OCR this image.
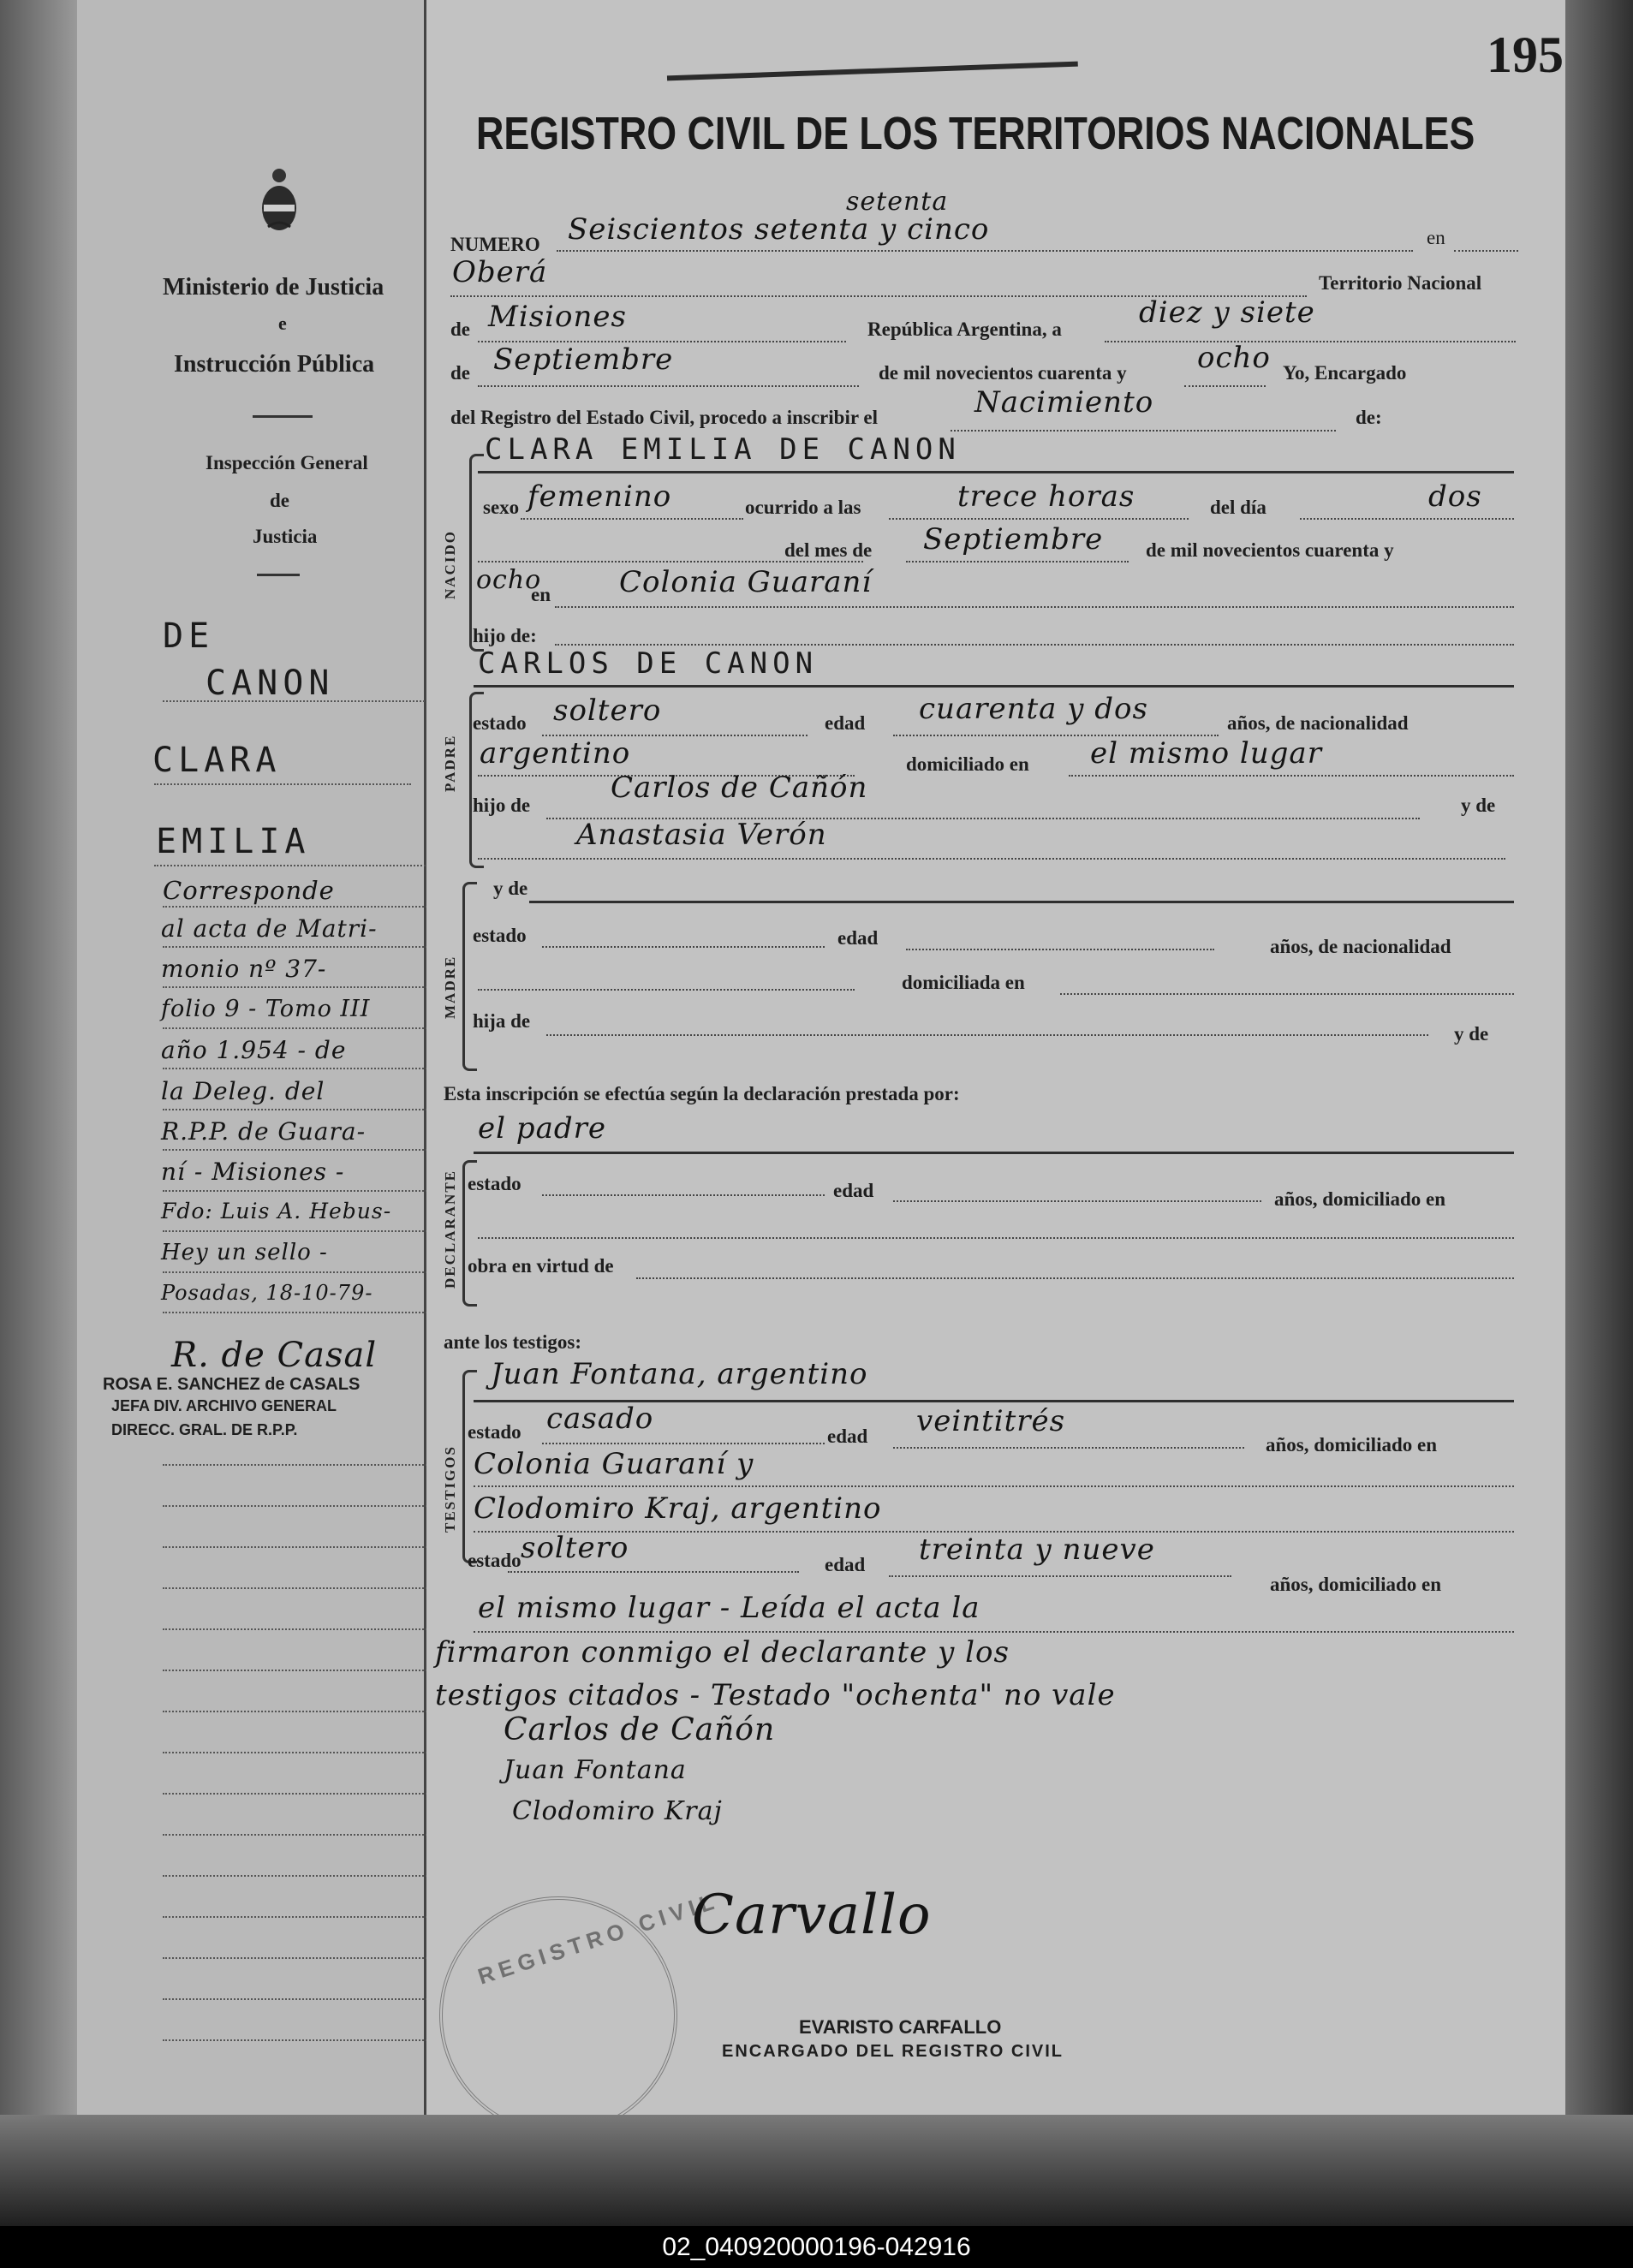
Ministerio de Justicia
e
Instrucción Pública
Inspección General
de
Justicia
DE
CANON
CLARA
EMILIA
Corresponde
al acta de Matri-
monio nº 37-
folio 9 - Tomo III
año 1.954 - de
la Deleg. del
R.P.P. de Guara-
ní - Misiones -
Fdo: Luis A. Hebus-
Hey un sello -
Posadas, 18-10-79-
R. de Casal
ROSA E. SANCHEZ de CASALS
JEFA DIV. ARCHIVO GENERAL
DIRECC. GRAL. DE R.P.P.
195
REGISTRO CIVIL DE LOS TERRITORIOS NACIONALES
NUMERO
setenta
Seiscientos setenta y cinco	en
Oberá	Territorio Nacional
de Misiones	República Argentina, a	diez y siete
de Septiembre	de mil novecientos cuarenta y ocho Yo, Encargado
del Registro del Estado Civil, procedo a inscribir el	Nacimiento	de:
NACIDO
CLARA EMILIA DE CANON
sexo femenino	ocurrido a las	trece horas	del día	dos
del mes de Septiembre de mil novecientos cuarenta y
ocho
en Colonia Guaraní
hijo de:
CARLOS DE CANON
PADRE
estado soltero	edad cuarenta y dos	años, de nacionalidad
argentino	domiciliado en el mismo lugar
hijo de
Carlos de Cañón
y de
Anastasia Verón
MADRE
y de
estado	edad	años, de nacionalidad
domiciliada en
hija de
y de
Esta inscripción se efectúa según la declaración prestada por:
el padre
DECLARANTE estado	edad	años, domiciliado en
obra en virtud de
ante los testigos:
TESTIGOS
Juan Fontana, argentino
estado casado
edad veintitrés
años, domiciliado en
Colonia Guaraní y
Clodomiro Kraj, argentino
estado soltero	edad treinta y nueve
años, domiciliado en
el mismo lugar - Leída el acta la
firmaron conmigo el declarante y los
testigos citados - Testado "ochenta" no vale
Carlos de Cañón
Juan Fontana
Clodomiro Kraj
REGISTRO CIVIL
Carvallo
EVARISTO CARFALLO
ENCARGADO DEL REGISTRO CIVIL
02_040920000196-042916
